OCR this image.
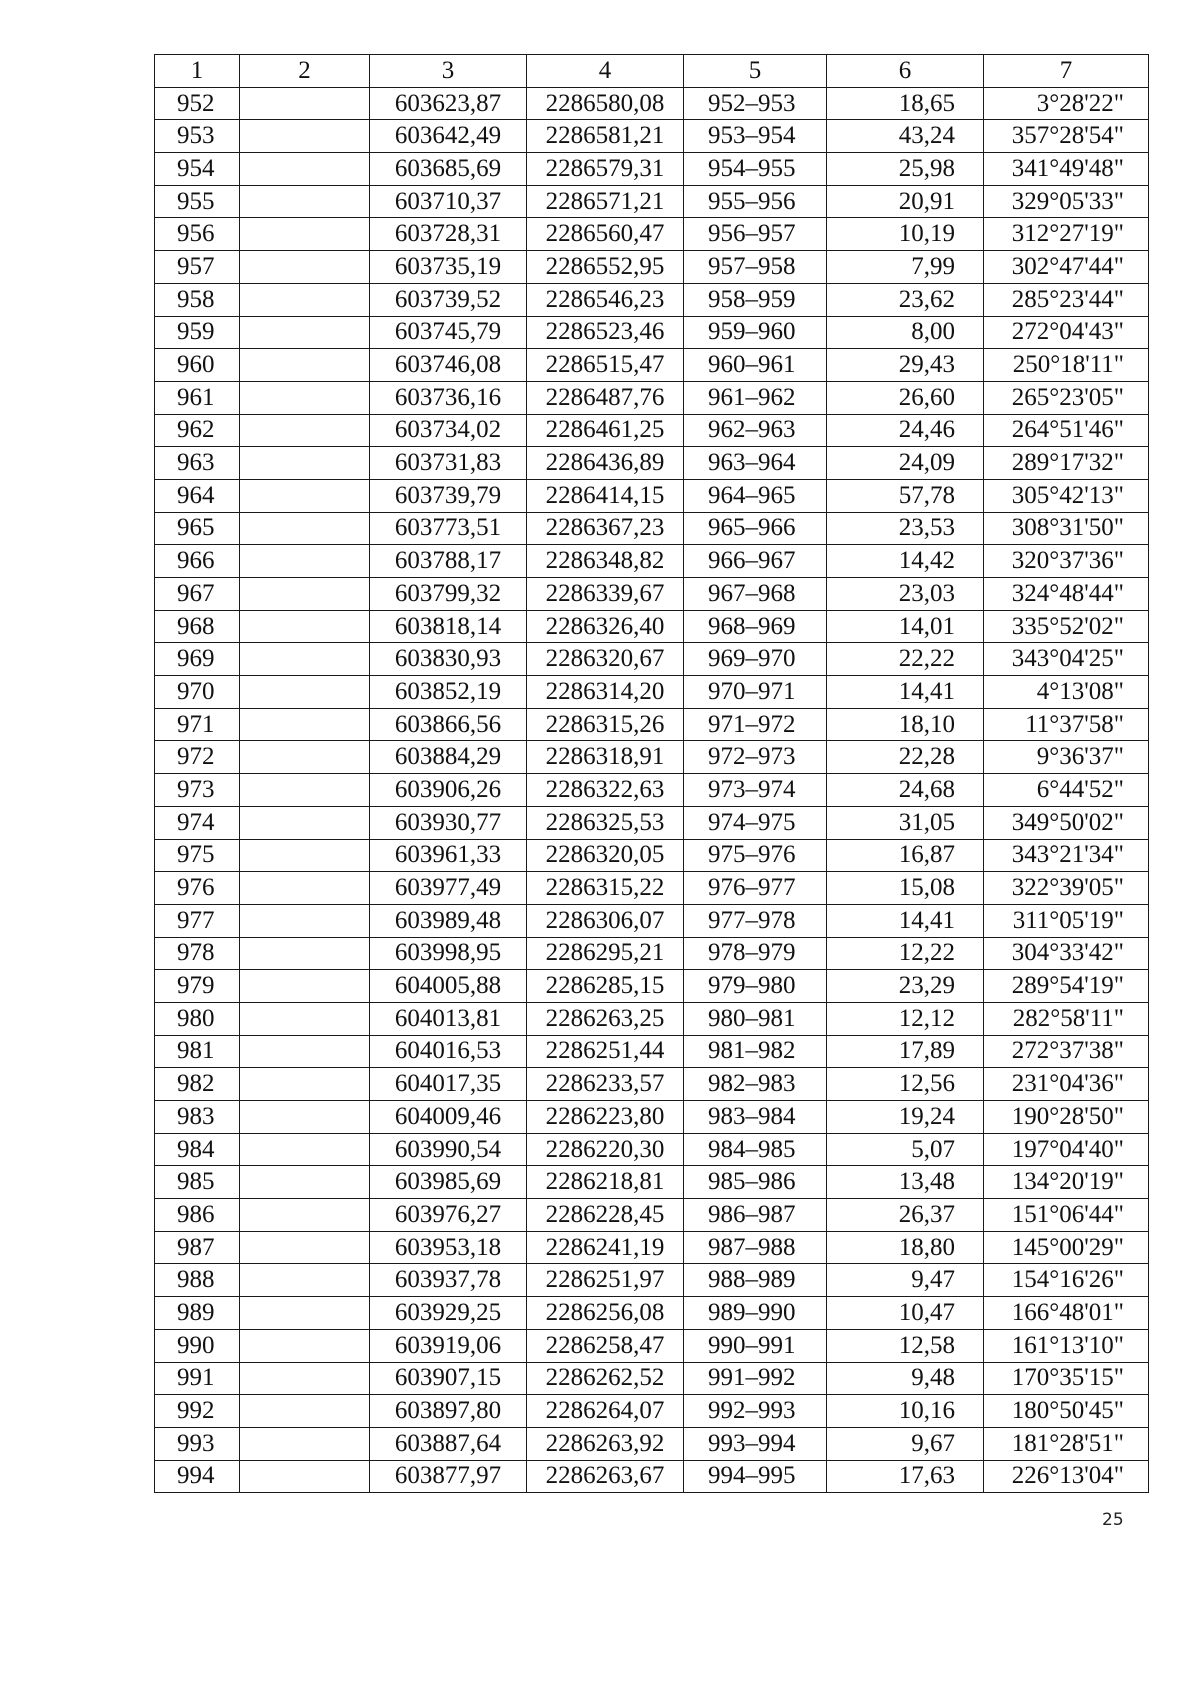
1	2	3	4	5	6	7
952		603623,87	2286580,08	952–953	18,65	3°28'22"
953		603642,49	2286581,21	953–954	43,24	357°28'54"
954		603685,69	2286579,31	954–955	25,98	341°49'48"
955		603710,37	2286571,21	955–956	20,91	329°05'33"
956		603728,31	2286560,47	956–957	10,19	312°27'19"
957		603735,19	2286552,95	957–958	7,99	302°47'44"
958		603739,52	2286546,23	958–959	23,62	285°23'44"
959		603745,79	2286523,46	959–960	8,00	272°04'43"
960		603746,08	2286515,47	960–961	29,43	250°18'11"
961		603736,16	2286487,76	961–962	26,60	265°23'05"
962		603734,02	2286461,25	962–963	24,46	264°51'46"
963		603731,83	2286436,89	963–964	24,09	289°17'32"
964		603739,79	2286414,15	964–965	57,78	305°42'13"
965		603773,51	2286367,23	965–966	23,53	308°31'50"
966		603788,17	2286348,82	966–967	14,42	320°37'36"
967		603799,32	2286339,67	967–968	23,03	324°48'44"
968		603818,14	2286326,40	968–969	14,01	335°52'02"
969		603830,93	2286320,67	969–970	22,22	343°04'25"
970		603852,19	2286314,20	970–971	14,41	4°13'08"
971		603866,56	2286315,26	971–972	18,10	11°37'58"
972		603884,29	2286318,91	972–973	22,28	9°36'37"
973		603906,26	2286322,63	973–974	24,68	6°44'52"
974		603930,77	2286325,53	974–975	31,05	349°50'02"
975		603961,33	2286320,05	975–976	16,87	343°21'34"
976		603977,49	2286315,22	976–977	15,08	322°39'05"
977		603989,48	2286306,07	977–978	14,41	311°05'19"
978		603998,95	2286295,21	978–979	12,22	304°33'42"
979		604005,88	2286285,15	979–980	23,29	289°54'19"
980		604013,81	2286263,25	980–981	12,12	282°58'11"
981		604016,53	2286251,44	981–982	17,89	272°37'38"
982		604017,35	2286233,57	982–983	12,56	231°04'36"
983		604009,46	2286223,80	983–984	19,24	190°28'50"
984		603990,54	2286220,30	984–985	5,07	197°04'40"
985		603985,69	2286218,81	985–986	13,48	134°20'19"
986		603976,27	2286228,45	986–987	26,37	151°06'44"
987		603953,18	2286241,19	987–988	18,80	145°00'29"
988		603937,78	2286251,97	988–989	9,47	154°16'26"
989		603929,25	2286256,08	989–990	10,47	166°48'01"
990		603919,06	2286258,47	990–991	12,58	161°13'10"
991		603907,15	2286262,52	991–992	9,48	170°35'15"
992		603897,80	2286264,07	992–993	10,16	180°50'45"
993		603887,64	2286263,92	993–994	9,67	181°28'51"
994		603877,97	2286263,67	994–995	17,63	226°13'04"
25
